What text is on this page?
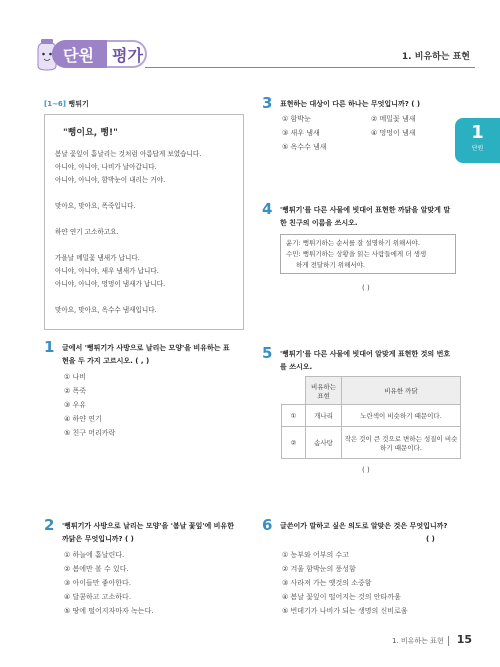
단원 평가	1. 비유하는 표현
1
단원
[1~6] 뻥튀기
"뻥이요, 뻥!"
봄날 꽃잎이 흩날리는 것처럼 아름답게 보였습니다.
아니야, 아니야, 나비가 날아갑니다.
아니야, 아니야, 함박눈이 내리는 거야.
맞아요, 맞아요, 폭죽입니다.
하얀 연기 고소하고요.
가을날 메밀꽃 냄새가 납니다.
아니야, 아니야, 새우 냄새가 납니다.
아니야, 아니야, 멍멍이 냄새가 납니다.
맞아요, 맞아요, 옥수수 냄새입니다.
1 글에서 '뻥튀기가 사방으로 날리는 모양'을 비유하는 표
현을 두 가지 고르시오. ( , )
① 나비
② 폭죽
③ 우유
④ 하얀 연기
⑤ 친구 머리카락
2 '뻥튀기가 사방으로 날리는 모양'을 '봄날 꽃잎'에 비유한
까닭은 무엇입니까? ( )
① 하늘에 흩날린다.
② 봄에만 볼 수 있다.
③ 아이들만 좋아한다.
④ 달콤하고 고소하다.
⑤ 땅에 떨어지자마자 녹는다.
3 표현하는 대상이 다른 하나는 무엇입니까? ( )
① 함박눈	② 메밀꽃 냄새
③ 새우 냄새	④ 멍멍이 냄새
⑤ 옥수수 냄새
4 '뻥튀기'를 다른 사물에 빗대어 표현한 까닭을 알맞게 말
한 친구의 이름을 쓰시오.
윤기: 뻥튀기하는 순서를 잘 설명하기 위해서야.
수민: 뻥튀기하는 상황을 읽는 사람들에게 더 생생
하게 전달하기 위해서야.
( )
5 '뻥튀기'를 다른 사물에 빗대어 알맞게 표현한 것의 번호
를 쓰시오.
	비유하는 표현	비유한 까닭
①	개나리	노란색이 비슷하기 때문이다.
②	솜사탕	작은 것이 큰 것으로 변하는 성질이 비슷하기 때문이다.
( )
6 글쓴이가 말하고 싶은 의도로 알맞은 것은 무엇입니까?
( )
① 농부와 어부의 수고
② 겨울 함박눈의 풍성함
③ 사라져 가는 옛것의 소중함
④ 봄날 꽃잎이 떨어지는 것의 안타까움
⑤ 번데기가 나비가 되는 생명의 신비로움
1. 비유하는 표현 15
